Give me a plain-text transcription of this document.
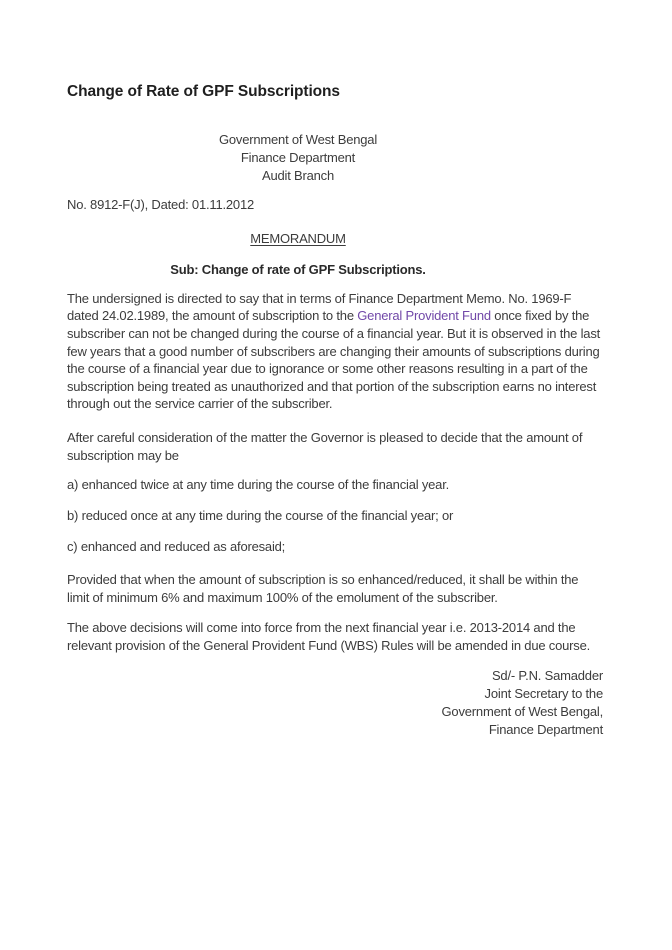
Change of Rate of GPF Subscriptions
Government of West Bengal
Finance Department
Audit Branch
No. 8912-F(J), Dated: 01.11.2012
MEMORANDUM
Sub: Change of rate of GPF Subscriptions.

The undersigned is directed to say that in terms of Finance Department Memo. No. 1969-F dated 24.02.1989, the amount of subscription to the General Provident Fund once fixed by the subscriber can not be changed during the course of a financial year. But it is observed in the last few years that a good number of subscribers are changing their amounts of subscriptions during the course of a financial year due to ignorance or some other reasons resulting in a part of the subscription being treated as unauthorized and that portion of the subscription earns no interest through out the service carrier of the subscriber.

After careful consideration of the matter the Governor is pleased to decide that the amount of subscription may be

a) enhanced twice at any time during the course of the financial year.

b) reduced once at any time during the course of the financial year; or

c) enhanced and reduced as aforesaid;

Provided that when the amount of subscription is so enhanced/reduced, it shall be within the limit of minimum 6% and maximum 100% of the emolument of the subscriber.

The above decisions will come into force from the next financial year i.e. 2013-2014 and the relevant provision of the General Provident Fund (WBS) Rules will be amended in due course.

Sd/- P.N. Samadder
Joint Secretary to the
Government of West Bengal,
Finance Department
